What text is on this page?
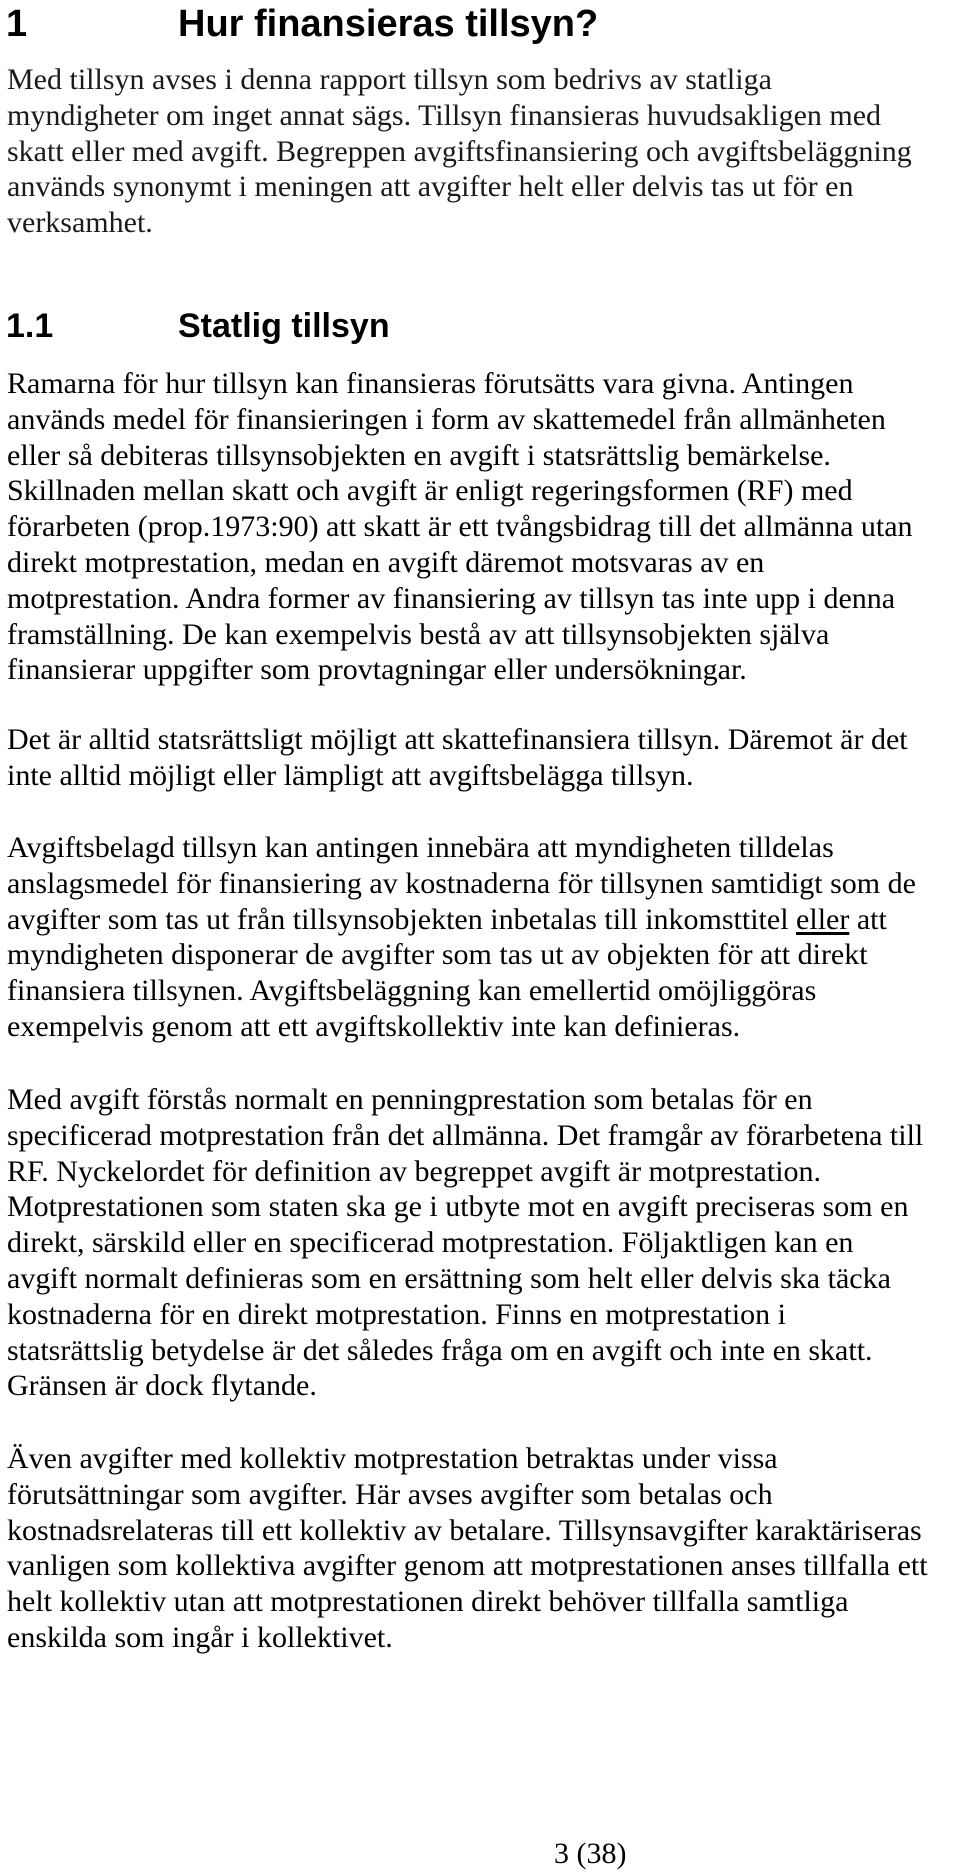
1	Hur finansieras tillsyn?
Med tillsyn avses i denna rapport tillsyn som bedrivs av statliga
myndigheter om inget annat sägs. Tillsyn finansieras huvudsakligen med
skatt eller med avgift. Begreppen avgiftsfinansiering och avgiftsbeläggning
används synonymt i meningen att avgifter helt eller delvis tas ut för en
verksamhet.
1.1	Statlig tillsyn
Ramarna för hur tillsyn kan finansieras förutsätts vara givna. Antingen
används medel för finansieringen i form av skattemedel från allmänheten
eller så debiteras tillsynsobjekten en avgift i statsrättslig bemärkelse.
Skillnaden mellan skatt och avgift är enligt regeringsformen (RF) med
förarbeten (prop.1973:90) att skatt är ett tvångsbidrag till det allmänna utan
direkt motprestation, medan en avgift däremot motsvaras av en
motprestation. Andra former av finansiering av tillsyn tas inte upp i denna
framställning. De kan exempelvis bestå av att tillsynsobjekten själva
finansierar uppgifter som provtagningar eller undersökningar.
Det är alltid statsrättsligt möjligt att skattefinansiera tillsyn. Däremot är det
inte alltid möjligt eller lämpligt att avgiftsbelägga tillsyn.
Avgiftsbelagd tillsyn kan antingen innebära att myndigheten tilldelas
anslagsmedel för finansiering av kostnaderna för tillsynen samtidigt som de
avgifter som tas ut från tillsynsobjekten inbetalas till inkomsttitel eller att
myndigheten disponerar de avgifter som tas ut av objekten för att direkt
finansiera tillsynen. Avgiftsbeläggning kan emellertid omöjliggöras
exempelvis genom att ett avgiftskollektiv inte kan definieras.
Med avgift förstås normalt en penningprestation som betalas för en
specificerad motprestation från det allmänna. Det framgår av förarbetena till
RF. Nyckelordet för definition av begreppet avgift är motprestation.
Motprestationen som staten ska ge i utbyte mot en avgift preciseras som en
direkt, särskild eller en specificerad motprestation. Följaktligen kan en
avgift normalt definieras som en ersättning som helt eller delvis ska täcka
kostnaderna för en direkt motprestation. Finns en motprestation i
statsrättslig betydelse är det således fråga om en avgift och inte en skatt.
Gränsen är dock flytande.
Även avgifter med kollektiv motprestation betraktas under vissa
förutsättningar som avgifter. Här avses avgifter som betalas och
kostnadsrelateras till ett kollektiv av betalare. Tillsynsavgifter karaktäriseras
vanligen som kollektiva avgifter genom att motprestationen anses tillfalla ett
helt kollektiv utan att motprestationen direkt behöver tillfalla samtliga
enskilda som ingår i kollektivet.
3 (38)
